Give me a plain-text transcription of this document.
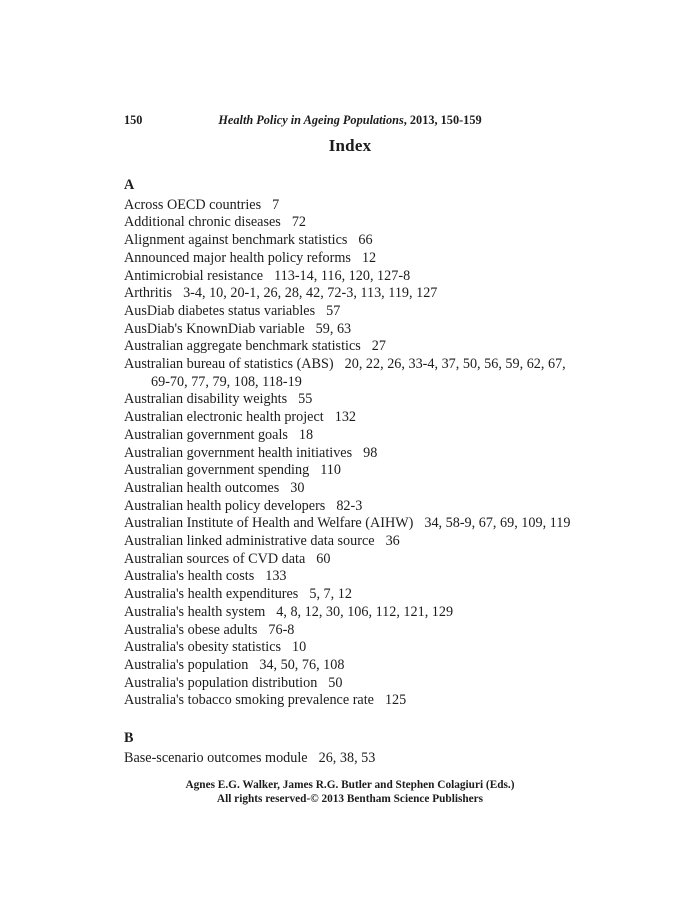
150	Health Policy in Ageing Populations, 2013, 150-159
Index
A
Across OECD countries 7
Additional chronic diseases 72
Alignment against benchmark statistics 66
Announced major health policy reforms 12
Antimicrobial resistance 113-14, 116, 120, 127-8
Arthritis 3-4, 10, 20-1, 26, 28, 42, 72-3, 113, 119, 127
AusDiab diabetes status variables 57
AusDiab's KnownDiab variable 59, 63
Australian aggregate benchmark statistics 27
Australian bureau of statistics (ABS) 20, 22, 26, 33-4, 37, 50, 56, 59, 62, 67, 69-70, 77, 79, 108, 118-19
Australian disability weights 55
Australian electronic health project 132
Australian government goals 18
Australian government health initiatives 98
Australian government spending 110
Australian health outcomes 30
Australian health policy developers 82-3
Australian Institute of Health and Welfare (AIHW) 34, 58-9, 67, 69, 109, 119
Australian linked administrative data source 36
Australian sources of CVD data 60
Australia's health costs 133
Australia's health expenditures 5, 7, 12
Australia's health system 4, 8, 12, 30, 106, 112, 121, 129
Australia's obese adults 76-8
Australia's obesity statistics 10
Australia's population 34, 50, 76, 108
Australia's population distribution 50
Australia's tobacco smoking prevalence rate 125
B
Base-scenario outcomes module 26, 38, 53
Agnes E.G. Walker, James R.G. Butler and Stephen Colagiuri (Eds.)
All rights reserved-© 2013 Bentham Science Publishers
